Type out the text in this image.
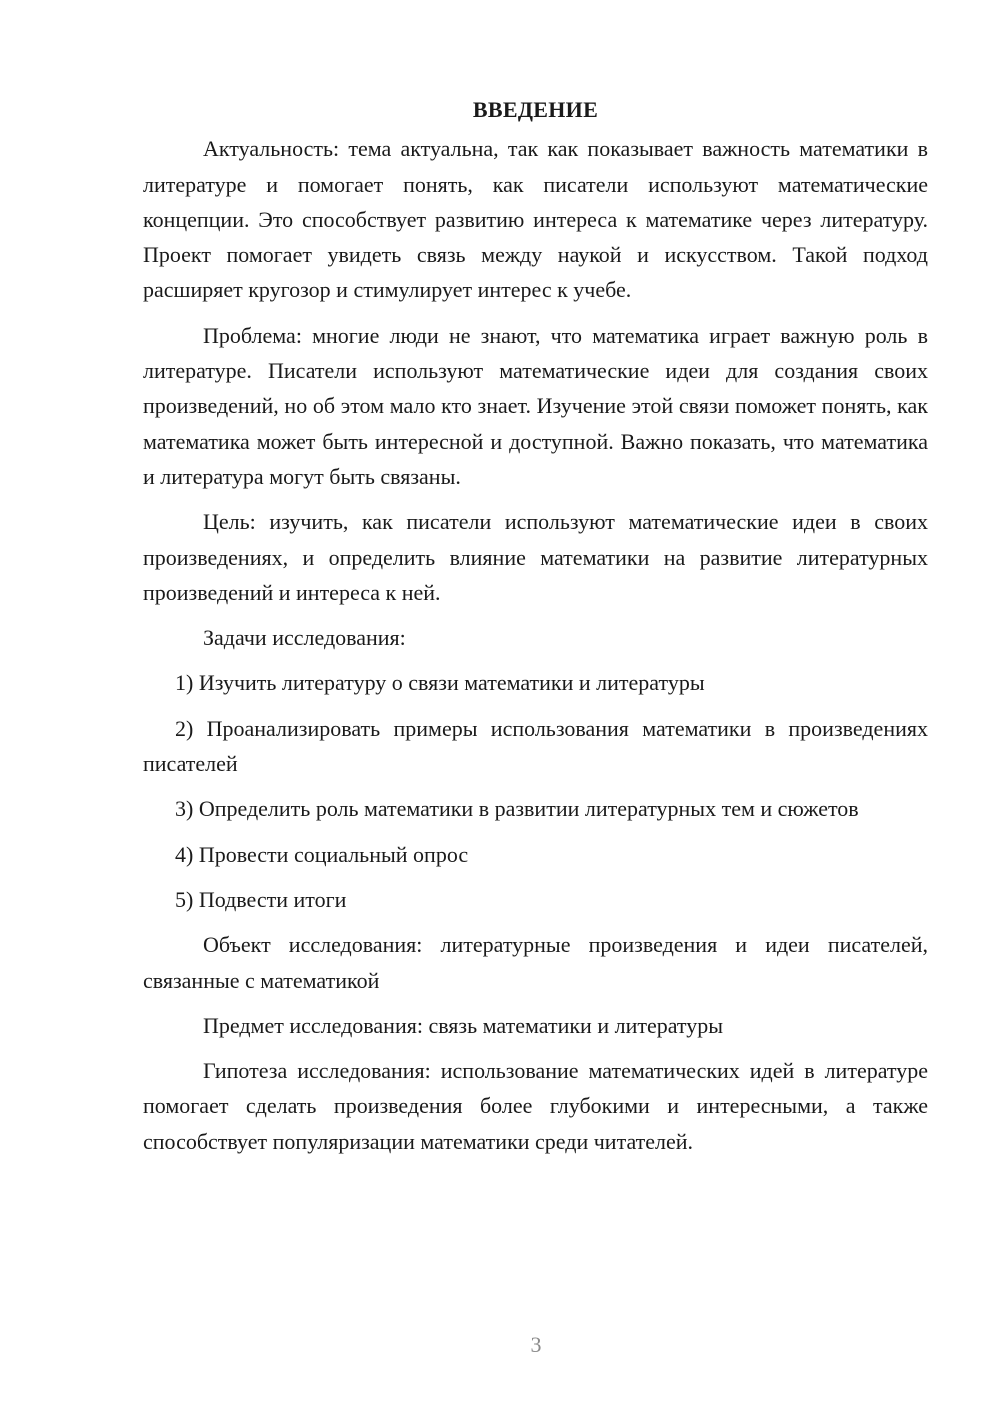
ВВЕДЕНИЕ

Актуальность: тема актуальна, так как показывает важность математики в литературе и помогает понять, как писатели используют математические концепции. Это способствует развитию интереса к математике через литературу. Проект помогает увидеть связь между наукой и искусством. Такой подход расширяет кругозор и стимулирует интерес к учебе.

Проблема: многие люди не знают, что математика играет важную роль в литературе. Писатели используют математические идеи для создания своих произведений, но об этом мало кто знает. Изучение этой связи поможет понять, как математика может быть интересной и доступной. Важно показать, что математика и литература могут быть связаны.

Цель: изучить, как писатели используют математические идеи в своих произведениях, и определить влияние математики на развитие литературных произведений и интереса к ней.

Задачи исследования:

1) Изучить литературу о связи математики и литературы

2) Проанализировать примеры использования математики в произведениях писателей

3) Определить роль математики в развитии литературных тем и сюжетов

4) Провести социальный опрос

5) Подвести итоги

Объект исследования: литературные произведения и идеи писателей, связанные с математикой

Предмет исследования: связь математики и литературы

Гипотеза исследования: использование математических идей в литературе помогает сделать произведения более глубокими и интересными, а также способствует популяризации математики среди читателей.

3
